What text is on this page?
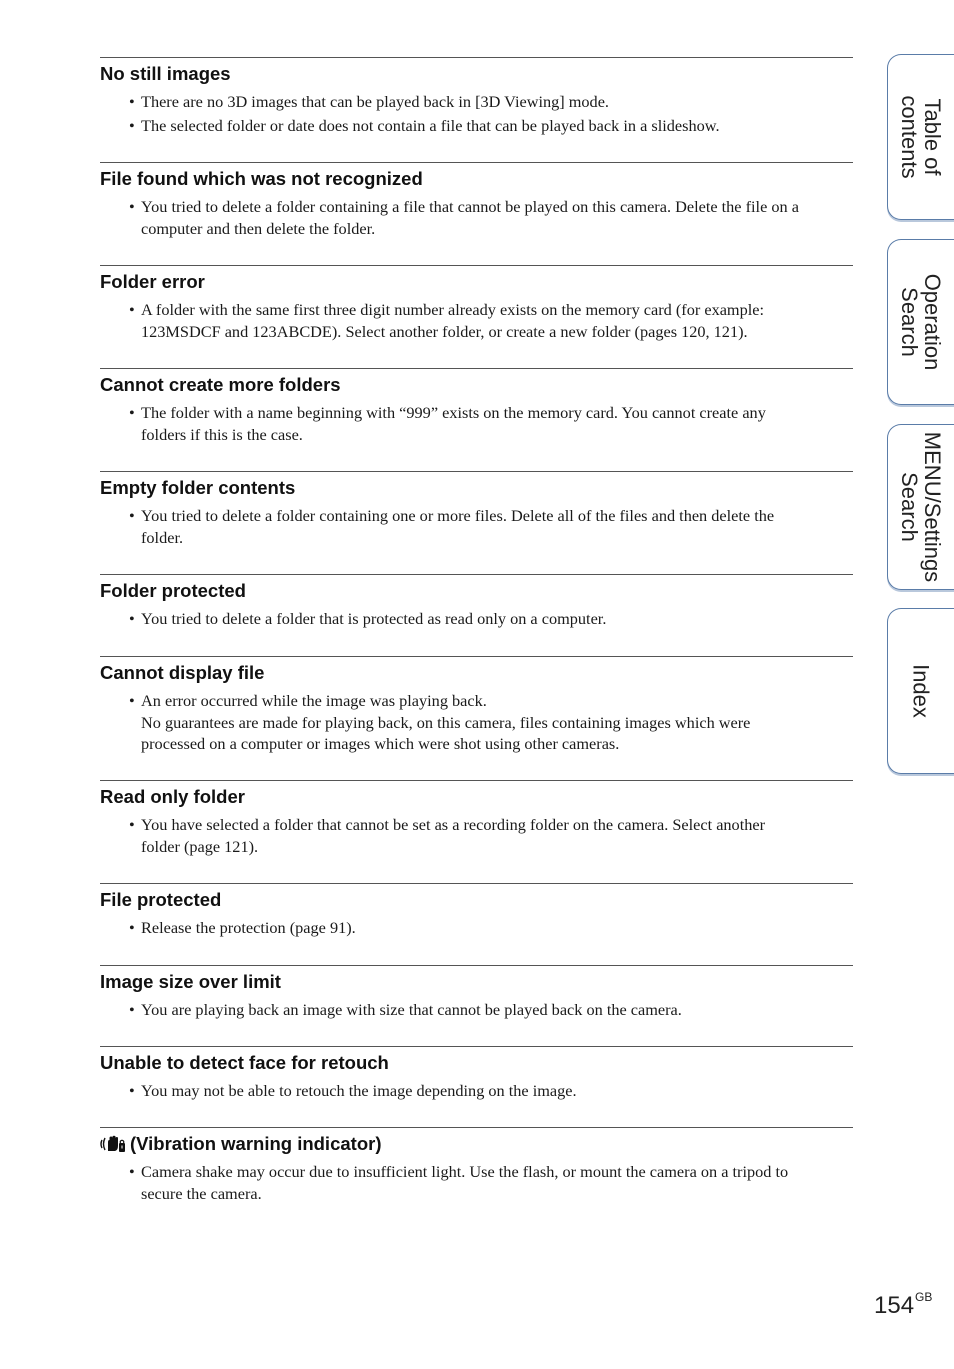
No still images
• There are no 3D images that can be played back in [3D Viewing] mode.
• The selected folder or date does not contain a file that can be played back in a slideshow.
File found which was not recognized
• You tried to delete a folder containing a file that cannot be played on this camera. Delete the file on a
computer and then delete the folder.
Folder error
• A folder with the same first three digit number already exists on the memory card (for example:
123MSDCF and 123ABCDE). Select another folder, or create a new folder (pages 120, 121).
Cannot create more folders
• The folder with a name beginning with “999” exists on the memory card. You cannot create any
folders if this is the case.
Empty folder contents
• You tried to delete a folder containing one or more files. Delete all of the files and then delete the
folder.
Folder protected
• You tried to delete a folder that is protected as read only on a computer.
Cannot display file
• An error occurred while the image was playing back.
No guarantees are made for playing back, on this camera, files containing images which were
processed on a computer or images which were shot using other cameras.
Read only folder
• You have selected a folder that cannot be set as a recording folder on the camera. Select another
folder (page 121).
File protected
• Release the protection (page 91).
Image size over limit
• You are playing back an image with size that cannot be played back on the camera.
Unable to detect face for retouch
• You may not be able to retouch the image depending on the image.
(Vibration warning indicator)
• Camera shake may occur due to insufficient light. Use the flash, or mount the camera on a tripod to
secure the camera.
Table of
contents
Operation
Search
MENU/Settings
Search
Index
$154^{GB}$
